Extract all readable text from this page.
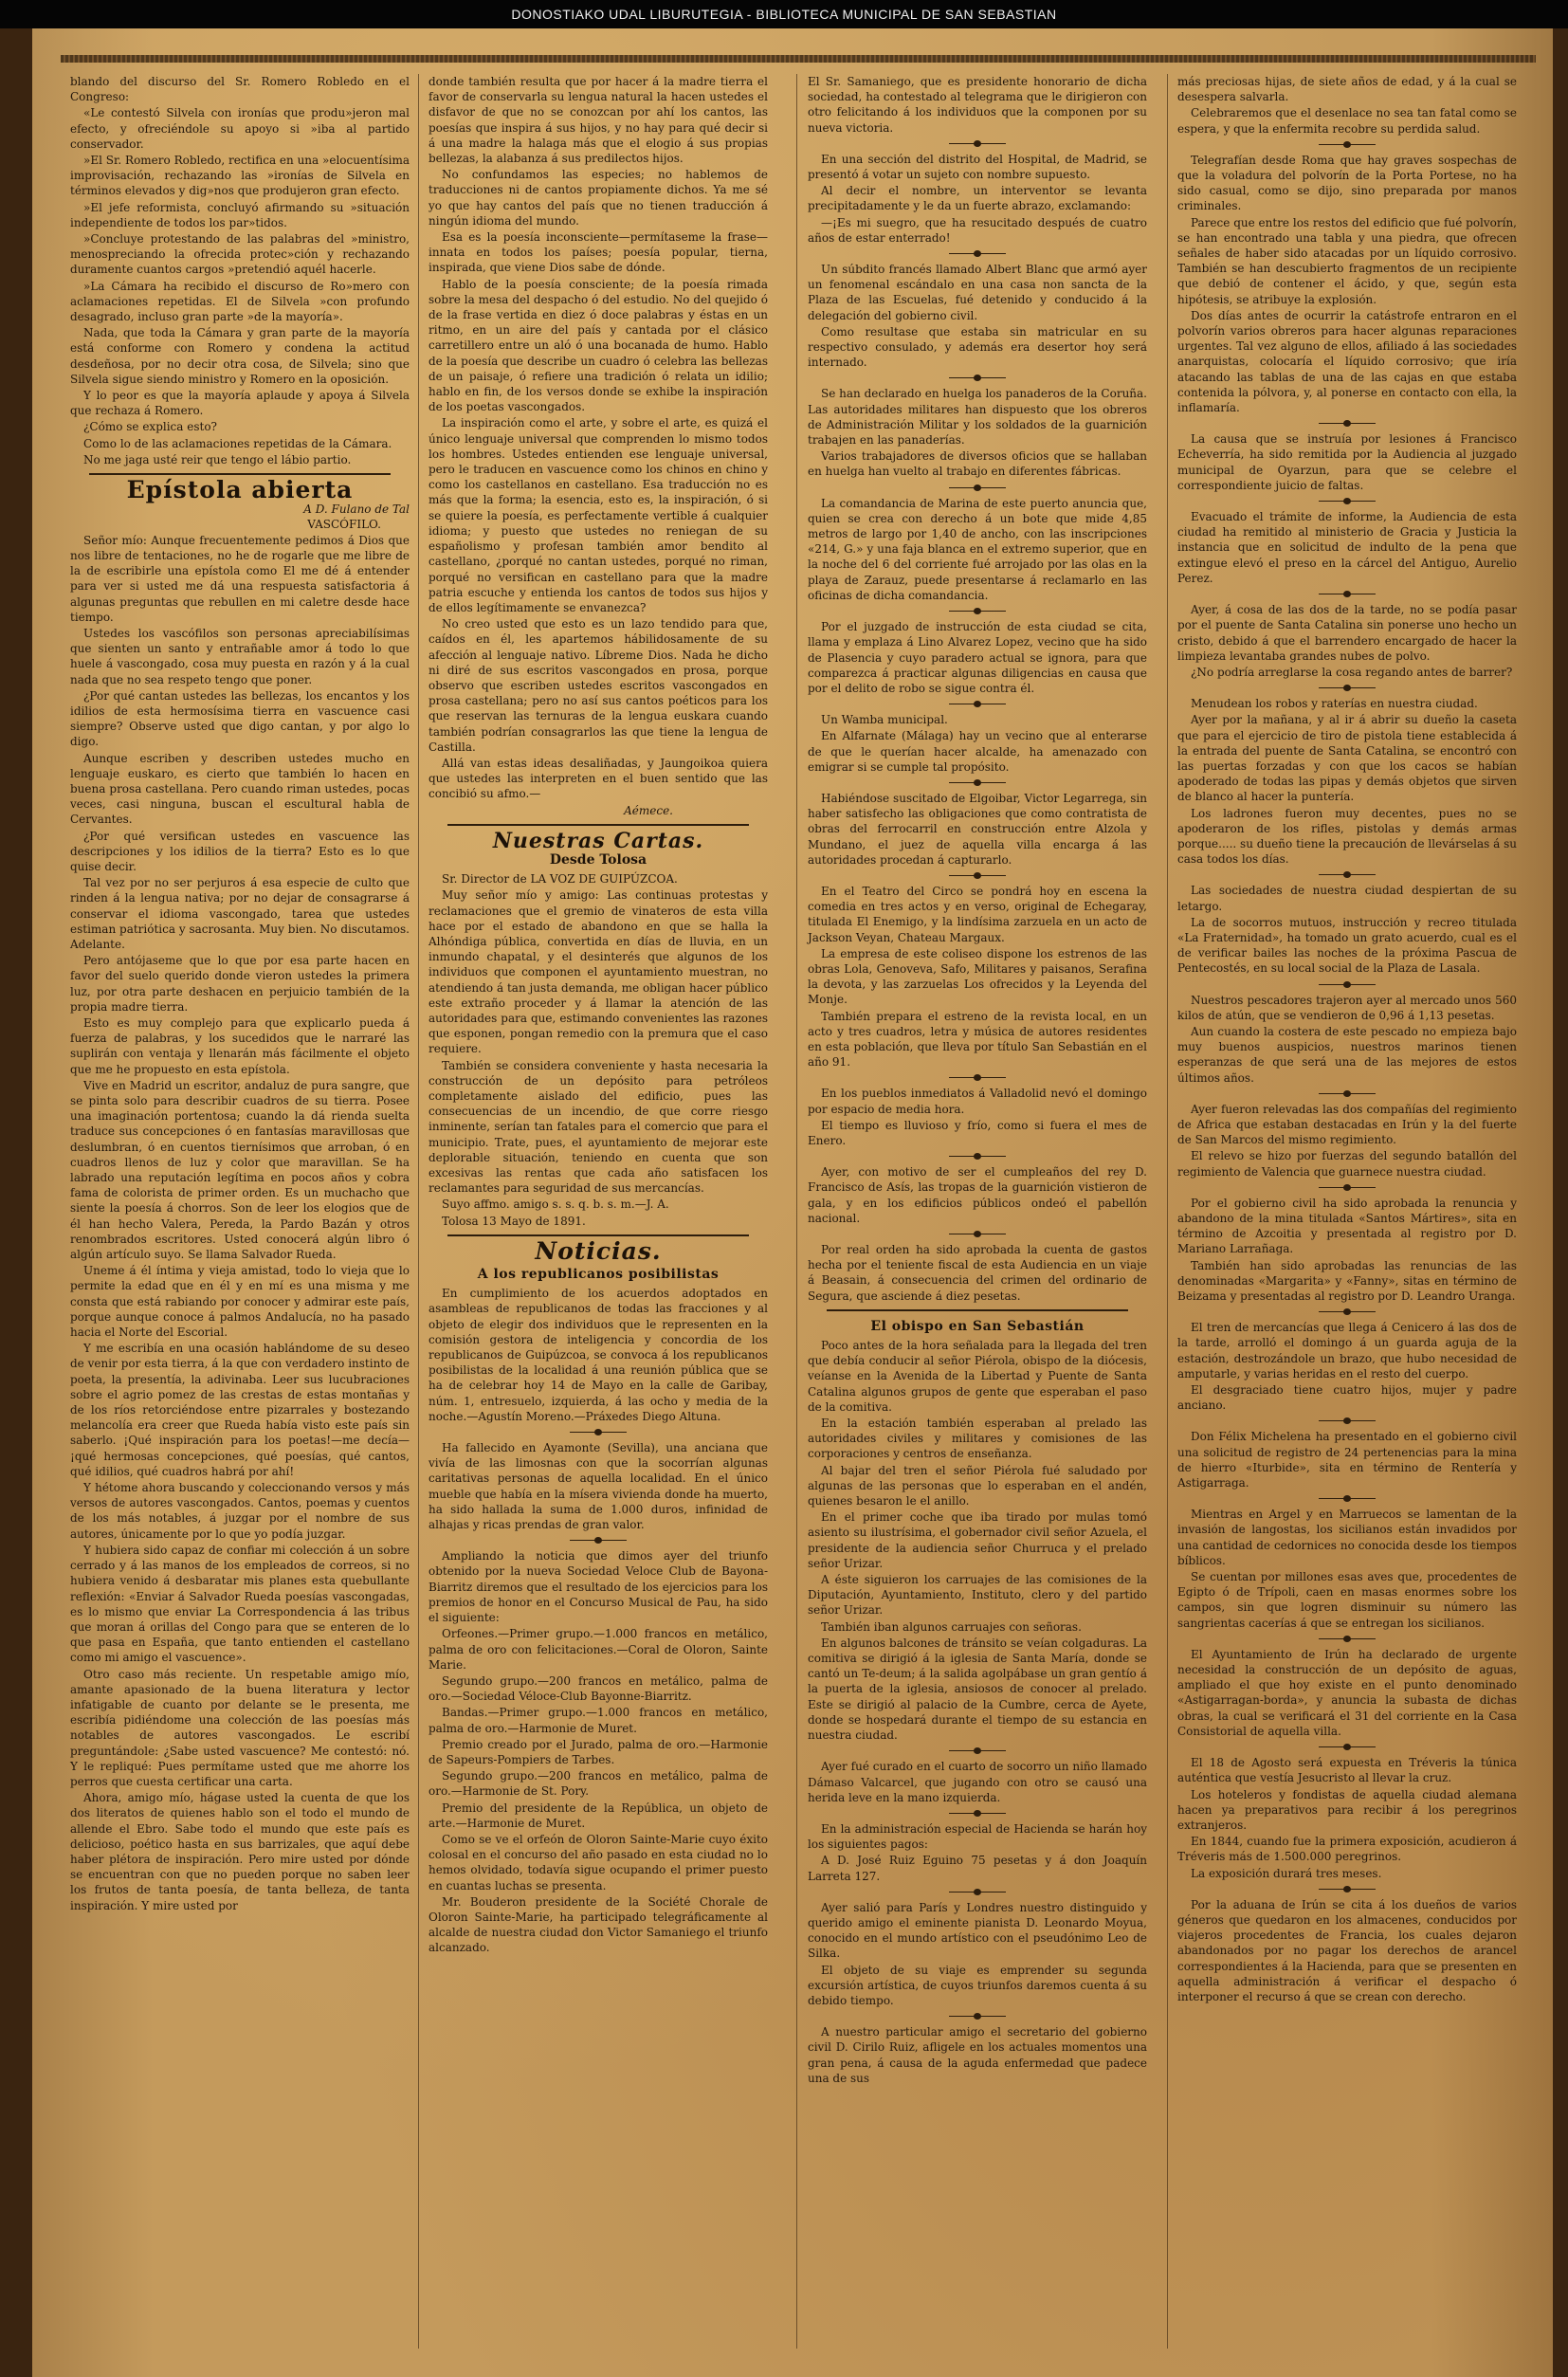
DONOSTIAKO UDAL LIBURUTEGIA - BIBLIOTECA MUNICIPAL DE SAN SEBASTIAN

blando del discurso del Sr. Romero Robledo en el Congreso:

«Le contestó Silvela con ironías que produ»jeron mal efecto, y ofreciéndole su apoyo si »iba al partido conservador.

»El Sr. Romero Robledo, rectifica en una »elocuentísima improvisación, rechazando las »ironías de Silvela en términos elevados y dig»nos que produjeron gran efecto.

»El jefe reformista, concluyó afirmando su »situación independiente de todos los par»tidos.

»Concluye protestando de las palabras del »ministro, menospreciando la ofrecida protec»ción y rechazando duramente cuantos cargos »pretendió aquél hacerle.

»La Cámara ha recibido el discurso de Ro»mero con aclamaciones repetidas. El de Silvela »con profundo desagrado, incluso gran parte »de la mayoría».

Nada, que toda la Cámara y gran parte de la mayoría está conforme con Romero y condena la actitud desdeñosa, por no decir otra cosa, de Silvela; sino que Silvela sigue siendo ministro y Romero en la oposición.

Y lo peor es que la mayoría aplaude y apoya á Silvela que rechaza á Romero.

¿Cómo se explica esto?

Como lo de las aclamaciones repetidas de la Cámara.

No me jaga usté reir que tengo el lábio partio.

Epístola abierta
A D. Fulano de Tal
VASCÓFILO.

Señor mío: Aunque frecuentemente pedimos á Dios que nos libre de tentaciones, no he de rogarle que me libre de la de escribirle una epístola como El me dé á entender para ver si usted me dá una respuesta satisfactoria á algunas preguntas que rebullen en mi caletre desde hace tiempo.

Ustedes los vascófilos son personas apreciabilísimas que sienten un santo y entrañable amor á todo lo que huele á vascongado, cosa muy puesta en razón y á la cual nada que no sea respeto tengo que poner.

¿Por qué cantan ustedes las bellezas, los encantos y los idilios de esta hermosísima tierra en vascuence casi siempre? Observe usted que digo cantan, y por algo lo digo.

Aunque escriben y describen ustedes mucho en lenguaje euskaro, es cierto que también lo hacen en buena prosa castellana. Pero cuando riman ustedes, pocas veces, casi ninguna, buscan el escultural habla de Cervantes.

¿Por qué versifican ustedes en vascuence las descripciones y los idilios de la tierra? Esto es lo que quise decir.

Tal vez por no ser perjuros á esa especie de culto que rinden á la lengua nativa; por no dejar de consagrarse á conservar el idioma vascongado, tarea que ustedes estiman patriótica y sacrosanta. Muy bien. No discutamos. Adelante.

Pero antójaseme que lo que por esa parte hacen en favor del suelo querido donde vieron ustedes la primera luz, por otra parte deshacen en perjuicio también de la propia madre tierra.

Esto es muy complejo para que explicarlo pueda á fuerza de palabras, y los sucedidos que le narraré las suplirán con ventaja y llenarán más fácilmente el objeto que me he propuesto en esta epístola.

Vive en Madrid un escritor, andaluz de pura sangre, que se pinta solo para describir cuadros de su tierra. Posee una imaginación portentosa; cuando la dá rienda suelta traduce sus concepciones ó en fantasías maravillosas que deslumbran, ó en cuentos tiernísimos que arroban, ó en cuadros llenos de luz y color que maravillan. Se ha labrado una reputación legítima en pocos años y cobra fama de colorista de primer orden. Es un muchacho que siente la poesía á chorros. Son de leer los elogios que de él han hecho Valera, Pereda, la Pardo Bazán y otros renombrados escritores. Usted conocerá algún libro ó algún artículo suyo. Se llama Salvador Rueda.

Uneme á él íntima y vieja amistad, todo lo vieja que lo permite la edad que en él y en mí es una misma y me consta que está rabiando por conocer y admirar este país, porque aunque conoce á palmos Andalucía, no ha pasado hacia el Norte del Escorial.

Y me escribía en una ocasión hablándome de su deseo de venir por esta tierra, á la que con verdadero instinto de poeta, la presentía, la adivinaba. Leer sus lucubraciones sobre el agrio pomez de las crestas de estas montañas y de los ríos retorciéndose entre pizarrales y bostezando melancolía era creer que Rueda había visto este país sin saberlo. ¡Qué inspiración para los poetas!—me decía—¡qué hermosas concepciones, qué poesías, qué cantos, qué idilios, qué cuadros habrá por ahí!

Y hétome ahora buscando y coleccionando versos y más versos de autores vascongados. Cantos, poemas y cuentos de los más notables, á juzgar por el nombre de sus autores, únicamente por lo que yo podía juzgar.

Y hubiera sido capaz de confiar mi colección á un sobre cerrado y á las manos de los empleados de correos, si no hubiera venido á desbaratar mis planes esta quebullante reflexión: «Enviar á Salvador Rueda poesías vascongadas, es lo mismo que enviar La Correspondencia á las tribus que moran á orillas del Congo para que se enteren de lo que pasa en España, que tanto entienden el castellano como mi amigo el vascuence».

Otro caso más reciente. Un respetable amigo mío, amante apasionado de la buena literatura y lector infatigable de cuanto por delante se le presenta, me escribía pidiéndome una colección de las poesías más notables de autores vascongados. Le escribí preguntándole: ¿Sabe usted vascuence? Me contestó: nó. Y le repliqué: Pues permítame usted que me ahorre los perros que cuesta certificar una carta.

Ahora, amigo mío, hágase usted la cuenta de que los dos literatos de quienes hablo son el todo el mundo de allende el Ebro. Sabe todo el mundo que este país es delicioso, poético hasta en sus barrizales, que aquí debe haber plétora de inspiración. Pero mire usted por dónde se encuentran con que no pueden porque no saben leer los frutos de tanta poesía, de tanta belleza, de tanta inspiración. Y mire usted por

donde también resulta que por hacer á la madre tierra el favor de conservarla su lengua natural la hacen ustedes el disfavor de que no se conozcan por ahí los cantos, las poesías que inspira á sus hijos, y no hay para qué decir si á una madre la halaga más que el elogio á sus propias bellezas, la alabanza á sus predilectos hijos.

No confundamos las especies; no hablemos de traducciones ni de cantos propiamente dichos. Ya me sé yo que hay cantos del país que no tienen traducción á ningún idioma del mundo.

Esa es la poesía inconsciente—permítaseme la frase—innata en todos los países; poesía popular, tierna, inspirada, que viene Dios sabe de dónde.

Hablo de la poesía consciente; de la poesía rimada sobre la mesa del despacho ó del estudio. No del quejido ó de la frase vertida en diez ó doce palabras y éstas en un ritmo, en un aire del país y cantada por el clásico carretillero entre un aló ó una bocanada de humo. Hablo de la poesía que describe un cuadro ó celebra las bellezas de un paisaje, ó refiere una tradición ó relata un idilio; hablo en fin, de los versos donde se exhibe la inspiración de los poetas vascongados.

La inspiración como el arte, y sobre el arte, es quizá el único lenguaje universal que comprenden lo mismo todos los hombres. Ustedes entienden ese lenguaje universal, pero le traducen en vascuence como los chinos en chino y como los castellanos en castellano. Esa traducción no es más que la forma; la esencia, esto es, la inspiración, ó si se quiere la poesía, es perfectamente vertible á cualquier idioma; y puesto que ustedes no reniegan de su españolismo y profesan también amor bendito al castellano, ¿porqué no cantan ustedes, porqué no riman, porqué no versifican en castellano para que la madre patria escuche y entienda los cantos de todos sus hijos y de ellos legítimamente se envanezca?

No creo usted que esto es un lazo tendido para que, caídos en él, les apartemos hábilidosamente de su afección al lenguaje nativo. Líbreme Dios. Nada he dicho ni diré de sus escritos vascongados en prosa, porque observo que escriben ustedes escritos vascongados en prosa castellana; pero no así sus cantos poéticos para los que reservan las ternuras de la lengua euskara cuando también podrían consagrarlos las que tiene la lengua de Castilla.

Allá van estas ideas desaliñadas, y Jaungoikoa quiera que ustedes las interpreten en el buen sentido que las concibió su afmo.—

Aémece.
Nuestras Cartas.
Desde Tolosa

Sr. Director de LA VOZ DE GUIPÚZCOA.

Muy señor mío y amigo: Las continuas protestas y reclamaciones que el gremio de vinateros de esta villa hace por el estado de abandono en que se halla la Alhóndiga pública, convertida en días de lluvia, en un inmundo chapatal, y el desinterés que algunos de los individuos que componen el ayuntamiento muestran, no atendiendo á tan justa demanda, me obligan hacer público este extraño proceder y á llamar la atención de las autoridades para que, estimando convenientes las razones que esponen, pongan remedio con la premura que el caso requiere.

También se considera conveniente y hasta necesaria la construcción de un depósito para petróleos completamente aislado del edificio, pues las consecuencias de un incendio, de que corre riesgo inminente, serían tan fatales para el comercio que para el municipio. Trate, pues, el ayuntamiento de mejorar este deplorable situación, teniendo en cuenta que son excesivas las rentas que cada año satisfacen los reclamantes para seguridad de sus mercancías.

Suyo affmo. amigo s. s. q. b. s. m.—J. A.

Tolosa 13 Mayo de 1891.

Noticias.
A los republicanos posibilistas

En cumplimiento de los acuerdos adoptados en asambleas de republicanos de todas las fracciones y al objeto de elegir dos individuos que le representen en la comisión gestora de inteligencia y concordia de los republicanos de Guipúzcoa, se convoca á los republicanos posibilistas de la localidad á una reunión pública que se ha de celebrar hoy 14 de Mayo en la calle de Garibay, núm. 1, entresuelo, izquierda, á las ocho y media de la noche.—Agustín Moreno.—Práxedes Diego Altuna.

Ha fallecido en Ayamonte (Sevilla), una anciana que vivía de las limosnas con que la socorrían algunas caritativas personas de aquella localidad. En el único mueble que había en la mísera vivienda donde ha muerto, ha sido hallada la suma de 1.000 duros, infinidad de alhajas y ricas prendas de gran valor.

Ampliando la noticia que dimos ayer del triunfo obtenido por la nueva Sociedad Veloce Club de Bayona-Biarritz diremos que el resultado de los ejercicios para los premios de honor en el Concurso Musical de Pau, ha sido el siguiente:

Orfeones.—Primer grupo.—1.000 francos en metálico, palma de oro con felicitaciones.—Coral de Oloron, Sainte Marie.

Segundo grupo.—200 francos en metálico, palma de oro.—Sociedad Véloce-Club Bayonne-Biarritz.

Bandas.—Primer grupo.—1.000 francos en metálico, palma de oro.—Harmonie de Muret.

Premio creado por el Jurado, palma de oro.—Harmonie de Sapeurs-Pompiers de Tarbes.

Segundo grupo.—200 francos en metálico, palma de oro.—Harmonie de St. Pory.

Premio del presidente de la República, un objeto de arte.—Harmonie de Muret.

Como se ve el orfeón de Oloron Sainte-Marie cuyo éxito colosal en el concurso del año pasado en esta ciudad no lo hemos olvidado, todavía sigue ocupando el primer puesto en cuantas luchas se presenta.

Mr. Bouderon presidente de la Société Chorale de Oloron Sainte-Marie, ha participado telegráficamente al alcalde de nuestra ciudad don Victor Samaniego el triunfo alcanzado.

El Sr. Samaniego, que es presidente honorario de dicha sociedad, ha contestado al telegrama que le dirigieron con otro felicitando á los individuos que la componen por su nueva victoria.

En una sección del distrito del Hospital, de Madrid, se presentó á votar un sujeto con nombre supuesto.

Al decir el nombre, un interventor se levanta precipitadamente y le da un fuerte abrazo, exclamando:

—¡Es mi suegro, que ha resucitado después de cuatro años de estar enterrado!

Un súbdito francés llamado Albert Blanc que armó ayer un fenomenal escándalo en una casa non sancta de la Plaza de las Escuelas, fué detenido y conducido á la delegación del gobierno civil.

Como resultase que estaba sin matricular en su respectivo consulado, y además era desertor hoy será internado.

Se han declarado en huelga los panaderos de la Coruña. Las autoridades militares han dispuesto que los obreros de Administración Militar y los soldados de la guarnición trabajen en las panaderías.

Varios trabajadores de diversos oficios que se hallaban en huelga han vuelto al trabajo en diferentes fábricas.

La comandancia de Marina de este puerto anuncia que, quien se crea con derecho á un bote que mide 4,85 metros de largo por 1,40 de ancho, con las inscripciones «214, G.» y una faja blanca en el extremo superior, que en la noche del 6 del corriente fué arrojado por las olas en la playa de Zarauz, puede presentarse á reclamarlo en las oficinas de dicha comandancia.

Por el juzgado de instrucción de esta ciudad se cita, llama y emplaza á Lino Alvarez Lopez, vecino que ha sido de Plasencia y cuyo paradero actual se ignora, para que comparezca á practicar algunas diligencias en causa que por el delito de robo se sigue contra él.

Un Wamba municipal.

En Alfarnate (Málaga) hay un vecino que al enterarse de que le querían hacer alcalde, ha amenazado con emigrar si se cumple tal propósito.

Habiéndose suscitado de Elgoibar, Victor Legarrega, sin haber satisfecho las obligaciones que como contratista de obras del ferrocarril en construcción entre Alzola y Mundano, el juez de aquella villa encarga á las autoridades procedan á capturarlo.

En el Teatro del Circo se pondrá hoy en escena la comedia en tres actos y en verso, original de Echegaray, titulada El Enemigo, y la lindísima zarzuela en un acto de Jackson Veyan, Chateau Margaux.

La empresa de este coliseo dispone los estrenos de las obras Lola, Genoveva, Safo, Militares y paisanos, Serafina la devota, y las zarzuelas Los ofrecidos y la Leyenda del Monje.

También prepara el estreno de la revista local, en un acto y tres cuadros, letra y música de autores residentes en esta población, que lleva por título San Sebastián en el año 91.

En los pueblos inmediatos á Valladolid nevó el domingo por espacio de media hora.

El tiempo es lluvioso y frío, como si fuera el mes de Enero.

Ayer, con motivo de ser el cumpleaños del rey D. Francisco de Asís, las tropas de la guarnición vistieron de gala, y en los edificios públicos ondeó el pabellón nacional.

Por real orden ha sido aprobada la cuenta de gastos hecha por el teniente fiscal de esta Audiencia en un viaje á Beasain, á consecuencia del crimen del ordinario de Segura, que asciende á diez pesetas.

El obispo en San Sebastián

Poco antes de la hora señalada para la llegada del tren que debía conducir al señor Piérola, obispo de la diócesis, veíanse en la Avenida de la Libertad y Puente de Santa Catalina algunos grupos de gente que esperaban el paso de la comitiva.

En la estación también esperaban al prelado las autoridades civiles y militares y comisiones de las corporaciones y centros de enseñanza.

Al bajar del tren el señor Piérola fué saludado por algunas de las personas que lo esperaban en el andén, quienes besaron le el anillo.

En el primer coche que iba tirado por mulas tomó asiento su ilustrísima, el gobernador civil señor Azuela, el presidente de la audiencia señor Churruca y el prelado señor Urizar.

A éste siguieron los carruajes de las comisiones de la Diputación, Ayuntamiento, Instituto, clero y del partido señor Urizar.

También iban algunos carruajes con señoras.

En algunos balcones de tránsito se veían colgaduras. La comitiva se dirigió á la iglesia de Santa María, donde se cantó un Te-deum; á la salida agolpábase un gran gentío á la puerta de la iglesia, ansiosos de conocer al prelado. Este se dirigió al palacio de la Cumbre, cerca de Ayete, donde se hospedará durante el tiempo de su estancia en nuestra ciudad.

Ayer fué curado en el cuarto de socorro un niño llamado Dámaso Valcarcel, que jugando con otro se causó una herida leve en la mano izquierda.

En la administración especial de Hacienda se harán hoy los siguientes pagos:

A D. José Ruiz Eguino 75 pesetas y á don Joaquín Larreta 127.

Ayer salió para París y Londres nuestro distinguido y querido amigo el eminente pianista D. Leonardo Moyua, conocido en el mundo artístico con el pseudónimo Leo de Silka.

El objeto de su viaje es emprender su segunda excursión artística, de cuyos triunfos daremos cuenta á su debido tiempo.

A nuestro particular amigo el secretario del gobierno civil D. Cirilo Ruiz, afligele en los actuales momentos una gran pena, á causa de la aguda enfermedad que padece una de sus

más preciosas hijas, de siete años de edad, y á la cual se desespera salvarla.

Celebraremos que el desenlace no sea tan fatal como se espera, y que la enfermita recobre su perdida salud.

Telegrafían desde Roma que hay graves sospechas de que la voladura del polvorín de la Porta Portese, no ha sido casual, como se dijo, sino preparada por manos criminales.

Parece que entre los restos del edificio que fué polvorín, se han encontrado una tabla y una piedra, que ofrecen señales de haber sido atacadas por un líquido corrosivo. También se han descubierto fragmentos de un recipiente que debió de contener el ácido, y que, según esta hipótesis, se atribuye la explosión.

Dos días antes de ocurrir la catástrofe entraron en el polvorín varios obreros para hacer algunas reparaciones urgentes. Tal vez alguno de ellos, afiliado á las sociedades anarquistas, colocaría el líquido corrosivo; que iría atacando las tablas de una de las cajas en que estaba contenida la pólvora, y, al ponerse en contacto con ella, la inflamaría.

La causa que se instruía por lesiones á Francisco Echeverría, ha sido remitida por la Audiencia al juzgado municipal de Oyarzun, para que se celebre el correspondiente juicio de faltas.

Evacuado el trámite de informe, la Audiencia de esta ciudad ha remitido al ministerio de Gracia y Justicia la instancia que en solicitud de indulto de la pena que extingue elevó el preso en la cárcel del Antiguo, Aurelio Perez.

Ayer, á cosa de las dos de la tarde, no se podía pasar por el puente de Santa Catalina sin ponerse uno hecho un cristo, debido á que el barrendero encargado de hacer la limpieza levantaba grandes nubes de polvo.

¿No podría arreglarse la cosa regando antes de barrer?

Menudean los robos y raterías en nuestra ciudad.

Ayer por la mañana, y al ir á abrir su dueño la caseta que para el ejercicio de tiro de pistola tiene establecida á la entrada del puente de Santa Catalina, se encontró con las puertas forzadas y con que los cacos se habían apoderado de todas las pipas y demás objetos que sirven de blanco al hacer la puntería.

Los ladrones fueron muy decentes, pues no se apoderaron de los rifles, pistolas y demás armas porque..... su dueño tiene la precaución de llevárselas á su casa todos los días.

Las sociedades de nuestra ciudad despiertan de su letargo.

La de socorros mutuos, instrucción y recreo titulada «La Fraternidad», ha tomado un grato acuerdo, cual es el de verificar bailes las noches de la próxima Pascua de Pentecostés, en su local social de la Plaza de Lasala.

Nuestros pescadores trajeron ayer al mercado unos 560 kilos de atún, que se vendieron de 0,96 á 1,13 pesetas.

Aun cuando la costera de este pescado no empieza bajo muy buenos auspicios, nuestros marinos tienen esperanzas de que será una de las mejores de estos últimos años.

Ayer fueron relevadas las dos compañías del regimiento de Africa que estaban destacadas en Irún y la del fuerte de San Marcos del mismo regimiento.

El relevo se hizo por fuerzas del segundo batallón del regimiento de Valencia que guarnece nuestra ciudad.

Por el gobierno civil ha sido aprobada la renuncia y abandono de la mina titulada «Santos Mártires», sita en término de Azcoitia y presentada al registro por D. Mariano Larrañaga.

También han sido aprobadas las renuncias de las denominadas «Margarita» y «Fanny», sitas en término de Beizama y presentadas al registro por D. Leandro Uranga.

El tren de mercancías que llega á Cenicero á las dos de la tarde, arrolló el domingo á un guarda aguja de la estación, destrozándole un brazo, que hubo necesidad de amputarle, y varias heridas en el resto del cuerpo.

El desgraciado tiene cuatro hijos, mujer y padre anciano.

Don Félix Michelena ha presentado en el gobierno civil una solicitud de registro de 24 pertenencias para la mina de hierro «Iturbide», sita en término de Rentería y Astigarraga.

Mientras en Argel y en Marruecos se lamentan de la invasión de langostas, los sicilianos están invadidos por una cantidad de cedornices no conocida desde los tiempos bíblicos.

Se cuentan por millones esas aves que, procedentes de Egipto ó de Trípoli, caen en masas enormes sobre los campos, sin que logren disminuir su número las sangrientas cacerías á que se entregan los sicilianos.

El Ayuntamiento de Irún ha declarado de urgente necesidad la construcción de un depósito de aguas, ampliado el que hoy existe en el punto denominado «Astigarragan-borda», y anuncia la subasta de dichas obras, la cual se verificará el 31 del corriente en la Casa Consistorial de aquella villa.

El 18 de Agosto será expuesta en Tréveris la túnica auténtica que vestía Jesucristo al llevar la cruz.

Los hoteleros y fondistas de aquella ciudad alemana hacen ya preparativos para recibir á los peregrinos extranjeros.

En 1844, cuando fue la primera exposición, acudieron á Tréveris más de 1.500.000 peregrinos.

La exposición durará tres meses.

Por la aduana de Irún se cita á los dueños de varios géneros que quedaron en los almacenes, conducidos por viajeros procedentes de Francia, los cuales dejaron abandonados por no pagar los derechos de arancel correspondientes á la Hacienda, para que se presenten en aquella administración á verificar el despacho ó interponer el recurso á que se crean con derecho.
